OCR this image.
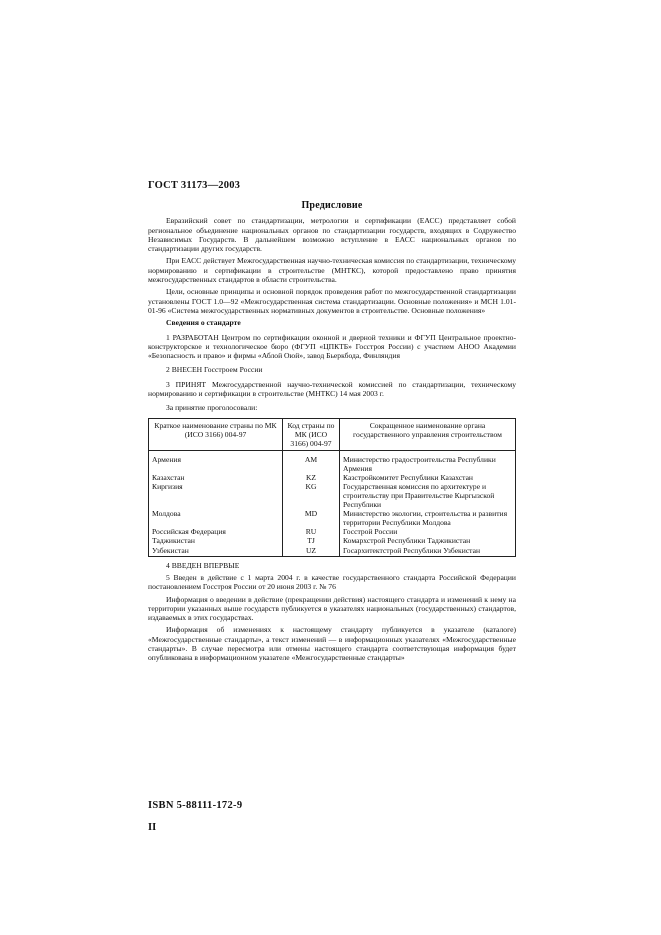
ГОСТ 31173—2003
Предисловие
Евразийский совет по стандартизации, метрологии и сертификации (ЕАСС) представляет собой региональное объединение национальных органов по стандартизации государств, входящих в Содружество Независимых Государств. В дальнейшем возможно вступление в ЕАСС национальных органов по стандартизации других государств.
При ЕАСС действует Межгосударственная научно-техническая комиссия по стандартизации, техническому нормированию и сертификации в строительстве (МНТКС), которой предоставлено право принятия межгосударственных стандартов в области строительства.
Цели, основные принципы и основной порядок проведения работ по межгосударственной стандартизации установлены ГОСТ 1.0—92 «Межгосударственная система стандартизации. Основные положения» и МСН 1.01-01-96 «Система межгосударственных нормативных документов в строительстве. Основные положения»
Сведения о стандарте
1 РАЗРАБОТАН Центром по сертификации оконной и дверной техники и ФГУП Центральное проектно-конструкторское и технологическое бюро (ФГУП «ЦПКТБ» Госстроя России) с участием АНОО Академии «Безопасность и право» и фирмы «Аблой Оюй», завод Бьеркбода, Финляндия
2 ВНЕСЕН Госстроем России
3 ПРИНЯТ Межгосударственной научно-технической комиссией по стандартизации, техническому нормированию и сертификации в строительстве (МНТКС) 14 мая 2003 г.
За принятие проголосовали:
Краткое наименование страны по МК (ИСО 3166) 004-97	Код страны по МК (ИСО 3166) 004-97	Сокращенное наименование органа государственного управления строительством
Армения	AM	Министерство градостроительства Республики Армения
Казахстан	KZ	Казстройкомитет Республики Казахстан
Киргизия	KG	Государственная комиссия по архитектуре и строительству при Правительстве Кыргызской Республики
Молдова	MD	Министерство экологии, строительства и развития территории Республики Молдова
Российская Федерация	RU	Госстрой России
Таджикистан	TJ	Комархстрой Республики Таджикистан
Узбекистан	UZ	Госархитектстрой Республики Узбекистан
4 ВВЕДЕН ВПЕРВЫЕ
5 Введен в действие с 1 марта 2004 г. в качестве государственного стандарта Российской Федерации постановлением Госстроя России от 20 июня 2003 г. № 76
Информация о введении в действие (прекращении действия) настоящего стандарта и изменений к нему на территории указанных выше государств публикуется в указателях национальных (государственных) стандартов, издаваемых в этих государствах.
Информация об изменениях к настоящему стандарту публикуется в указателе (каталоге) «Межгосударственные стандарты», а текст изменений — в информационных указателях «Межгосударственные стандарты». В случае пересмотра или отмены настоящего стандарта соответствующая информация будет опубликована в информационном указателе «Межгосударственные стандарты»
ISBN 5-88111-172-9
II
